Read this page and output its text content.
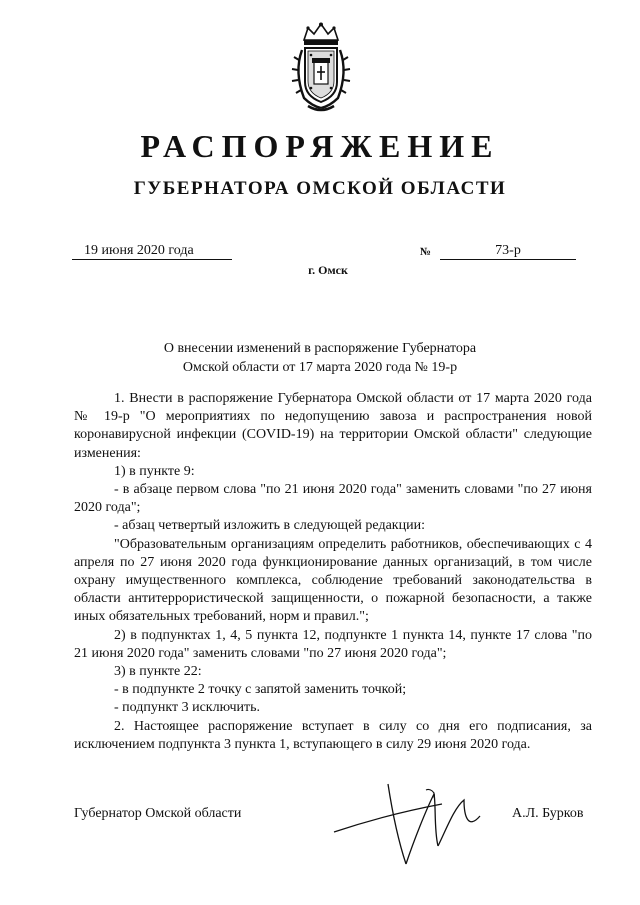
РАСПОРЯЖЕНИЕ
ГУБЕРНАТОРА ОМСКОЙ ОБЛАСТИ
19 июня 2020 года	№	73-р
г. Омск
О внесении изменений в распоряжение Губернатора
Омской области от 17 марта 2020 года № 19-р

1. Внести в распоряжение Губернатора Омской области от 17 марта 2020 года № 19-р "О мероприятиях по недопущению завоза и распространения новой коронавирусной инфекции (COVID-19) на территории Омской области" следующие изменения:

1) в пункте 9:

- в абзаце первом слова "по 21 июня 2020 года" заменить словами "по 27 июня 2020 года";

- абзац четвертый изложить в следующей редакции:

"Образовательным организациям определить работников, обеспечивающих с 4 апреля по 27 июня 2020 года функционирование данных организаций, в том числе охрану имущественного комплекса, соблюдение требований законодательства в области антитеррористической защищенности, о пожарной безопасности, а также иных обязательных требований, норм и правил.";

2) в подпунктах 1, 4, 5 пункта 12, подпункте 1 пункта 14, пункте 17 слова "по 21 июня 2020 года" заменить словами "по 27 июня 2020 года";

3) в пункте 22:

- в подпункте 2 точку с запятой заменить точкой;

- подпункт 3 исключить.

2. Настоящее распоряжение вступает в силу со дня его подписания, за исключением подпункта 3 пункта 1, вступающего в силу 29 июня 2020 года.

Губернатор Омской области	А.Л. Бурков
